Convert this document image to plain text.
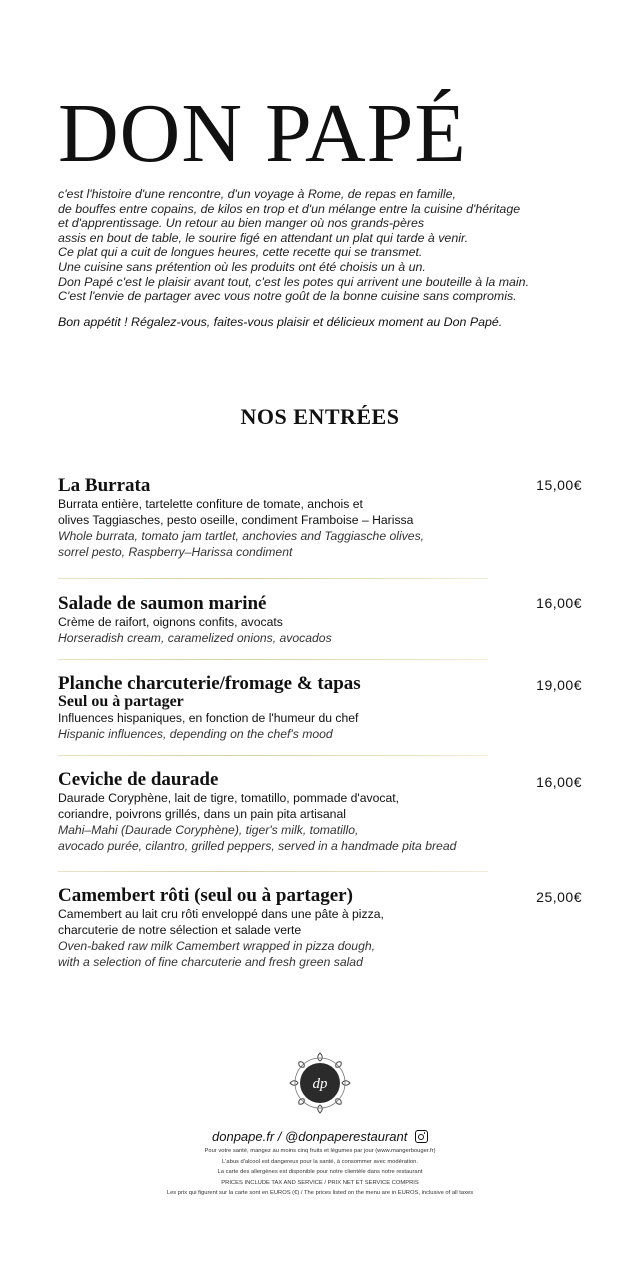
DON PAPÉ
c'est l'histoire d'une rencontre, d'un voyage à Rome, de repas en famille,
de bouffes entre copains, de kilos en trop et d'un mélange entre la cuisine d'héritage
et d'apprentissage. Un retour au bien manger où nos grands-pères
assis en bout de table, le sourire figé en attendant un plat qui tarde à venir.
Ce plat qui a cuit de longues heures, cette recette qui se transmet.
Une cuisine sans prétention où les produits ont été choisis un à un.
Don Papé c'est le plaisir avant tout, c'est les potes qui arrivent une bouteille à la main.
C'est l'envie de partager avec vous notre goût de la bonne cuisine sans compromis.
Bon appétit ! Régalez-vous, faites-vous plaisir et délicieux moment au Don Papé.
NOS ENTRÉES
La Burrata
Burrata entière, tartelette confiture de tomate, anchois et
olives Taggiasches, pesto oseille, condiment Framboise – Harissa
Whole burrata, tomato jam tartlet, anchovies and Taggiasche olives,
sorrel pesto, Raspberry–Harissa condiment
15,00€
Salade de saumon mariné
Crème de raifort, oignons confits, avocats
Horseradish cream, caramelized onions, avocados
16,00€
Planche charcuterie/fromage & tapas
Seul ou à partager
Influences hispaniques, en fonction de l'humeur du chef
Hispanic influences, depending on the chef's mood
19,00€
Ceviche de daurade
Daurade Coryphène, lait de tigre, tomatillo, pommade d'avocat,
coriandre, poivrons grillés, dans un pain pita artisanal
Mahi–Mahi (Daurade Coryphène), tiger's milk, tomatillo,
avocado purée, cilantro, grilled peppers, served in a handmade pita bread
16,00€
Camembert rôti (seul ou à partager)
Camembert au lait cru rôti enveloppé dans une pâte à pizza,
charcuterie de notre sélection et salade verte
Oven-baked raw milk Camembert wrapped in pizza dough,
with a selection of fine charcuterie and fresh green salad
25,00€
dp
donpape.fr / @donpaperestaurant
Pour votre santé, mangez au moins cinq fruits et légumes par jour (www.mangerbouger.fr)
L'abus d'alcool est dangereux pour la santé, à consommer avec modération.
La carte des allergènes est disponible pour notre clientèle dans notre restaurant
PRICES INCLUDE TAX AND SERVICE / PRIX NET ET SERVICE COMPRIS
Les prix qui figurent sur la carte sont en EUROS (€) / The prices listed on the menu are in EUROS, inclusive of all taxes
